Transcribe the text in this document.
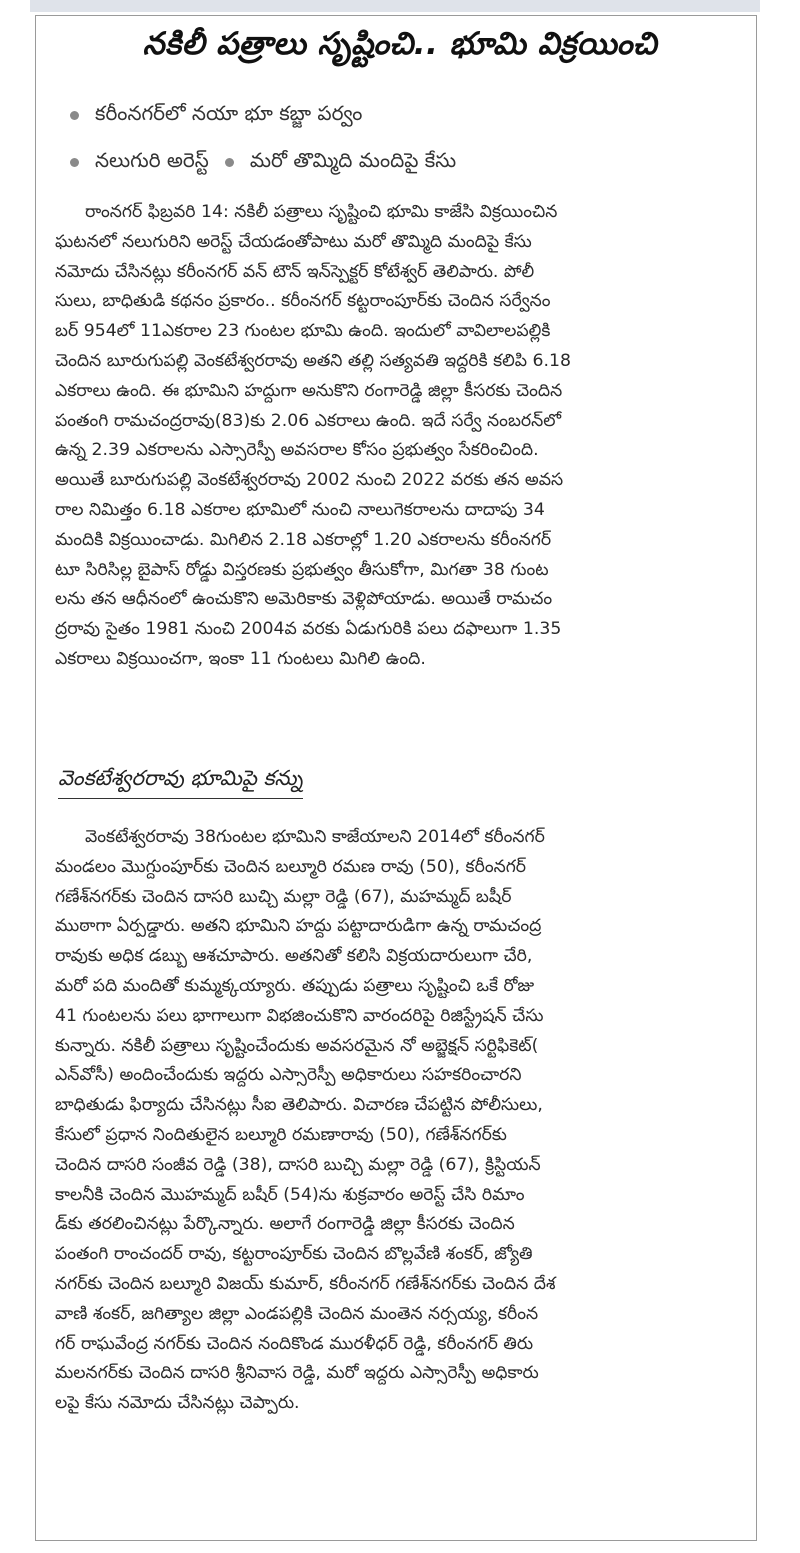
నకిలీ పత్రాలు సృష్టించి.. భూమి విక్రయించి
కరీంనగర్‌లో నయా భూ కబ్జా పర్వం
నలుగురి అరెస్ట్ మరో తొమ్మిది మందిపై కేసు
రాంనగర్ ఫిబ్రవరి 14: నకిలీ పత్రాలు సృష్టించి భూమి కాజేసి విక్రయించిన
ఘటనలో నలుగురిని అరెస్ట్ చేయడంతోపాటు మరో తొమ్మిది మందిపై కేసు
నమోదు చేసినట్లు కరీంనగర్ వన్ టౌన్ ఇన్‌స్పెక్టర్ కోటేశ్వర్ తెలిపారు. పోలీ
సులు, బాధితుడి కథనం ప్రకారం.. కరీంనగర్ కట్టరాంపూర్‌కు చెందిన సర్వేనం
బర్ 954లో 11ఎకరాల 23 గుంటల భూమి ఉంది. ఇందులో వావిలాలపల్లికి
చెందిన బూరుగుపల్లి వెంకటేశ్వరరావు అతని తల్లి సత్యవతి ఇద్దరికి కలిపి 6.18
ఎకరాలు ఉంది. ఈ భూమిని హద్దుగా అనుకొని రంగారెడ్డి జిల్లా కీసరకు చెందిన
పంతంగి రామచంద్రరావు(83)కు 2.06 ఎకరాలు ఉంది. ఇదే సర్వే నంబరన్‌లో
ఉన్న 2.39 ఎకరాలను ఎస్సారెస్పీ అవసరాల కోసం ప్రభుత్వం సేకరించింది.
అయితే బూరుగుపల్లి వెంకటేశ్వరరావు 2002 నుంచి 2022 వరకు తన అవస
రాల నిమిత్తం 6.18 ఎకరాల భూమిలో నుంచి నాలుగెకరాలను దాదాపు 34
మందికి విక్రయించాడు. మిగిలిన 2.18 ఎకరాల్లో 1.20 ఎకరాలను కరీంనగర్
టూ సిరిసిల్ల బైపాస్ రోడ్డు విస్తరణకు ప్రభుత్వం తీసుకోగా, మిగతా 38 గుంట
లను తన ఆధీనంలో ఉంచుకొని అమెరికాకు వెళ్లిపోయాడు. అయితే రామచం
ద్రరావు సైతం 1981 నుంచి 2004వ వరకు ఏడుగురికి పలు దఫాలుగా 1.35
ఎకరాలు విక్రయించగా, ఇంకా 11 గుంటలు మిగిలి ఉంది.
వెంకటేశ్వరరావు భూమిపై కన్ను
వెంకటేశ్వరరావు 38గుంటల భూమిని కాజేయాలని 2014లో కరీంనగర్
మండలం మొగ్దుంపూర్‌కు చెందిన బల్మూరి రమణ రావు (50), కరీంనగర్
గణేశ్‌నగర్‌కు చెందిన దాసరి బుచ్చి మల్లా రెడ్డి (67), మహమ్మద్ బషీర్
ముఠాగా ఏర్పడ్డారు. అతని భూమిని హద్దు పట్టాదారుడిగా ఉన్న రామచంద్ర
రావుకు అధిక డబ్బు ఆశచూపారు. అతనితో కలిసి విక్రయదారులుగా చేరి,
మరో పది మందితో కుమ్మక్కయ్యారు. తప్పుడు పత్రాలు సృష్టించి ఒకే రోజు
41 గుంటలను పలు భాగాలుగా విభజించుకొని వారందరిపై రిజిస్ట్రేషన్ చేసు
కున్నారు. నకిలీ పత్రాలు సృష్టించేందుకు అవసరమైన నో అబ్జెక్షన్ సర్టిఫికెట్(
ఎన్‌వోసీ) అందించేందుకు ఇద్దరు ఎస్సారెస్పీ అధికారులు సహకరించారని
బాధితుడు ఫిర్యాదు చేసినట్లు సీఐ తెలిపారు. విచారణ చేపట్టిన పోలీసులు,
కేసులో ప్రధాన నిందితులైన బల్మూరి రమణారావు (50), గణేశ్‌నగర్‌కు
చెందిన దాసరి సంజీవ రెడ్డి (38), దాసరి బుచ్చి మల్లా రెడ్డి (67), క్రిస్టియన్
కాలనీకి చెందిన మొహమ్మద్ బషీర్ (54)ను శుక్రవారం అరెస్ట్ చేసి రిమాం
డ్‌కు తరలించినట్లు పేర్కొన్నారు. అలాగే రంగారెడ్డి జిల్లా కీసరకు చెందిన
పంతంగి రాంచందర్ రావు, కట్టరాంపూర్‌కు చెందిన బొల్లవేణి శంకర్, జ్యోతి
నగర్‌కు చెందిన బల్మూరి విజయ్ కుమార్, కరీంనగర్ గణేశ్‌నగర్‌కు చెందిన దేశ
వాణి శంకర్, జగిత్యాల జిల్లా ఎండపల్లికి చెందిన మంతెన నర్సయ్య, కరీంన
గర్ రాఘవేంద్ర నగర్‌కు చెందిన నందికొండ మురళీధర్ రెడ్డి, కరీంనగర్ తిరు
మలనగర్‌కు చెందిన దాసరి శ్రీనివాస రెడ్డి, మరో ఇద్దరు ఎస్సారెస్పీ అధికారు
లపై కేసు నమోదు చేసినట్లు చెప్పారు.
